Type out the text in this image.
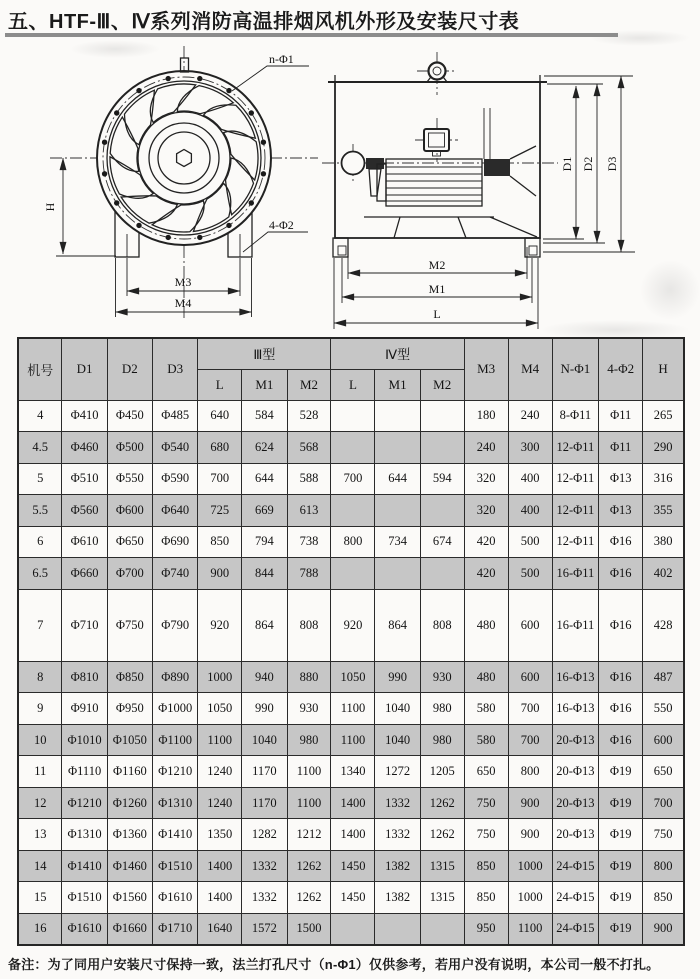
五、HTF-Ⅲ、Ⅳ系列消防高温排烟风机外形及安装尺寸表
H
M3
M4
n-Φ1
4-Φ2
D1 D2 D3
M2
M1
L
机号	D1	D2	D3	Ⅲ型			Ⅳ型			M3	M4	N-Φ1	4-Φ2	H
				L	M1	M2	L	M1	M2					
4	Φ410	Φ450	Φ485	640	584	528				180	240	8-Φ11	Φ11	265
4.5	Φ460	Φ500	Φ540	680	624	568				240	300	12-Φ11	Φ11	290
5	Φ510	Φ550	Φ590	700	644	588	700	644	594	320	400	12-Φ11	Φ13	316
5.5	Φ560	Φ600	Φ640	725	669	613				320	400	12-Φ11	Φ13	355
6	Φ610	Φ650	Φ690	850	794	738	800	734	674	420	500	12-Φ11	Φ16	380
6.5	Φ660	Φ700	Φ740	900	844	788				420	500	16-Φ11	Φ16	402
7	Φ710	Φ750	Φ790	920	864	808	920	864	808	480	600	16-Φ11	Φ16	428
8	Φ810	Φ850	Φ890	1000	940	880	1050	990	930	480	600	16-Φ13	Φ16	487
9	Φ910	Φ950	Φ1000	1050	990	930	1100	1040	980	580	700	16-Φ13	Φ16	550
10	Φ1010	Φ1050	Φ1100	1100	1040	980	1100	1040	980	580	700	20-Φ13	Φ16	600
11	Φ1110	Φ1160	Φ1210	1240	1170	1100	1340	1272	1205	650	800	20-Φ13	Φ19	650
12	Φ1210	Φ1260	Φ1310	1240	1170	1100	1400	1332	1262	750	900	20-Φ13	Φ19	700
13	Φ1310	Φ1360	Φ1410	1350	1282	1212	1400	1332	1262	750	900	20-Φ13	Φ19	750
14	Φ1410	Φ1460	Φ1510	1400	1332	1262	1450	1382	1315	850	1000	24-Φ15	Φ19	800
15	Φ1510	Φ1560	Φ1610	1400	1332	1262	1450	1382	1315	850	1000	24-Φ15	Φ19	850
16	Φ1610	Φ1660	Φ1710	1640	1572	1500				950	1100	24-Φ15	Φ19	900
备注：为了同用户安装尺寸保持一致，法兰打孔尺寸（n-Φ1）仅供参考，若用户没有说明，本公司一般不打扎。
